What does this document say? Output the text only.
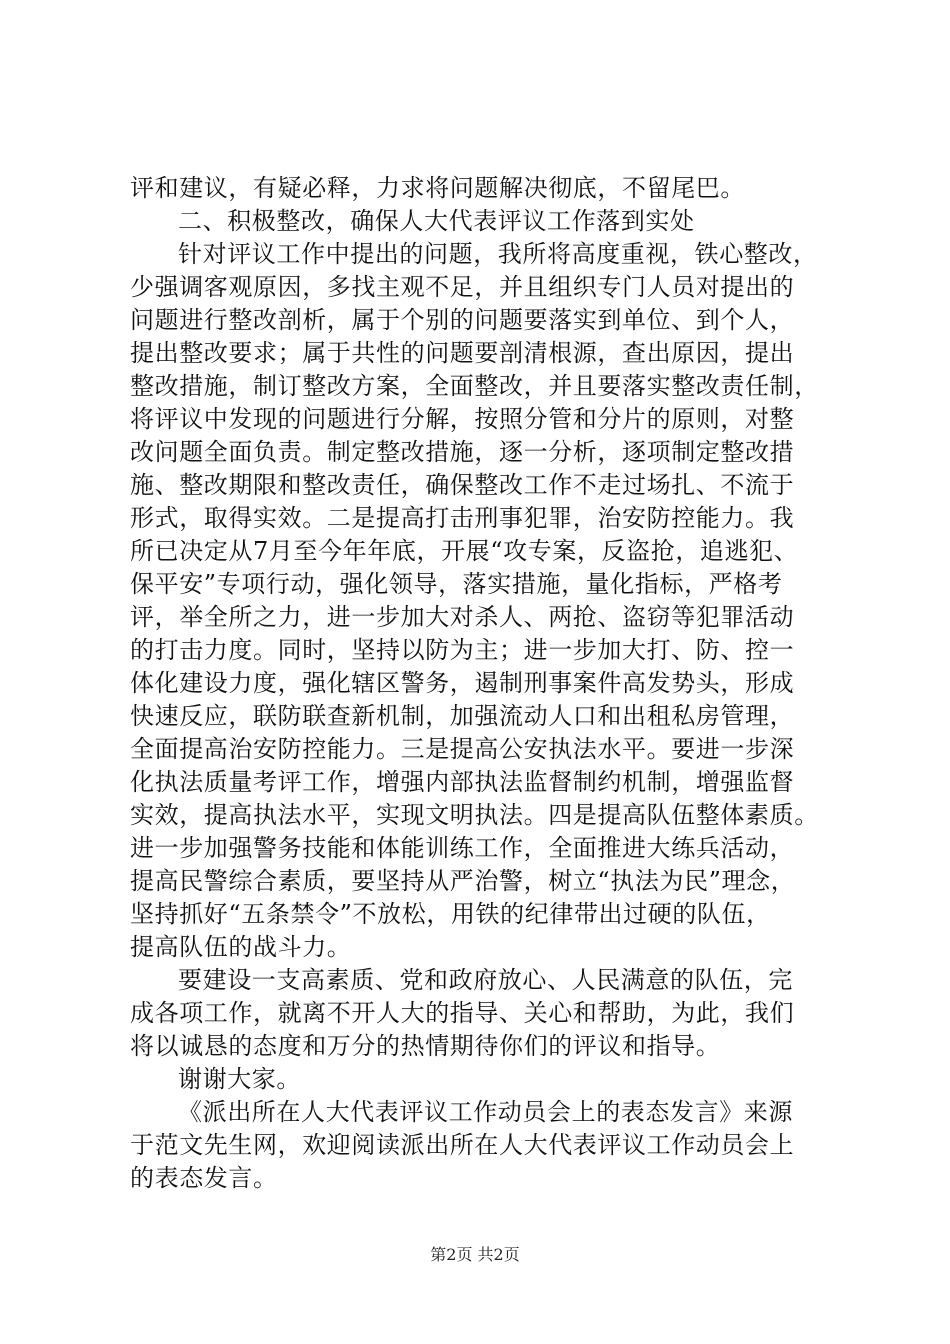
评和建议，有疑必释，力求将问题解决彻底，不留尾巴。
二、积极整改，确保人大代表评议工作落到实处
针对评议工作中提出的问题，我所将高度重视，铁心整改，
少强调客观原因，多找主观不足，并且组织专门人员对提出的
问题进行整改剖析，属于个别的问题要落实到单位、到个人，
提出整改要求；属于共性的问题要剖清根源，查出原因，提出
整改措施，制订整改方案，全面整改，并且要落实整改责任制，
将评议中发现的问题进行分解，按照分管和分片的原则，对整
改问题全面负责。制定整改措施，逐一分析，逐项制定整改措
施、整改期限和整改责任，确保整改工作不走过场扎、不流于
形式，取得实效。二是提高打击刑事犯罪，治安防控能力。我
所已决定从7月至今年年底，开展“攻专案，反盗抢，追逃犯、
保平安”专项行动，强化领导，落实措施，量化指标，严格考
评，举全所之力，进一步加大对杀人、两抢、盗窃等犯罪活动
的打击力度。同时，坚持以防为主；进一步加大打、防、控一
体化建设力度，强化辖区警务，遏制刑事案件高发势头，形成
快速反应，联防联查新机制，加强流动人口和出租私房管理，
全面提高治安防控能力。三是提高公安执法水平。要进一步深
化执法质量考评工作，增强内部执法监督制约机制，增强监督
实效，提高执法水平，实现文明执法。四是提高队伍整体素质。
进一步加强警务技能和体能训练工作，全面推进大练兵活动，
提高民警综合素质，要坚持从严治警，树立“执法为民”理念，
坚持抓好“五条禁令”不放松，用铁的纪律带出过硬的队伍，
提高队伍的战斗力。
要建设一支高素质、党和政府放心、人民满意的队伍，完
成各项工作，就离不开人大的指导、关心和帮助，为此，我们
将以诚恳的态度和万分的热情期待你们的评议和指导。
谢谢大家。
《派出所在人大代表评议工作动员会上的表态发言》来源
于范文先生网，欢迎阅读派出所在人大代表评议工作动员会上
的表态发言。
第2页 共2页
